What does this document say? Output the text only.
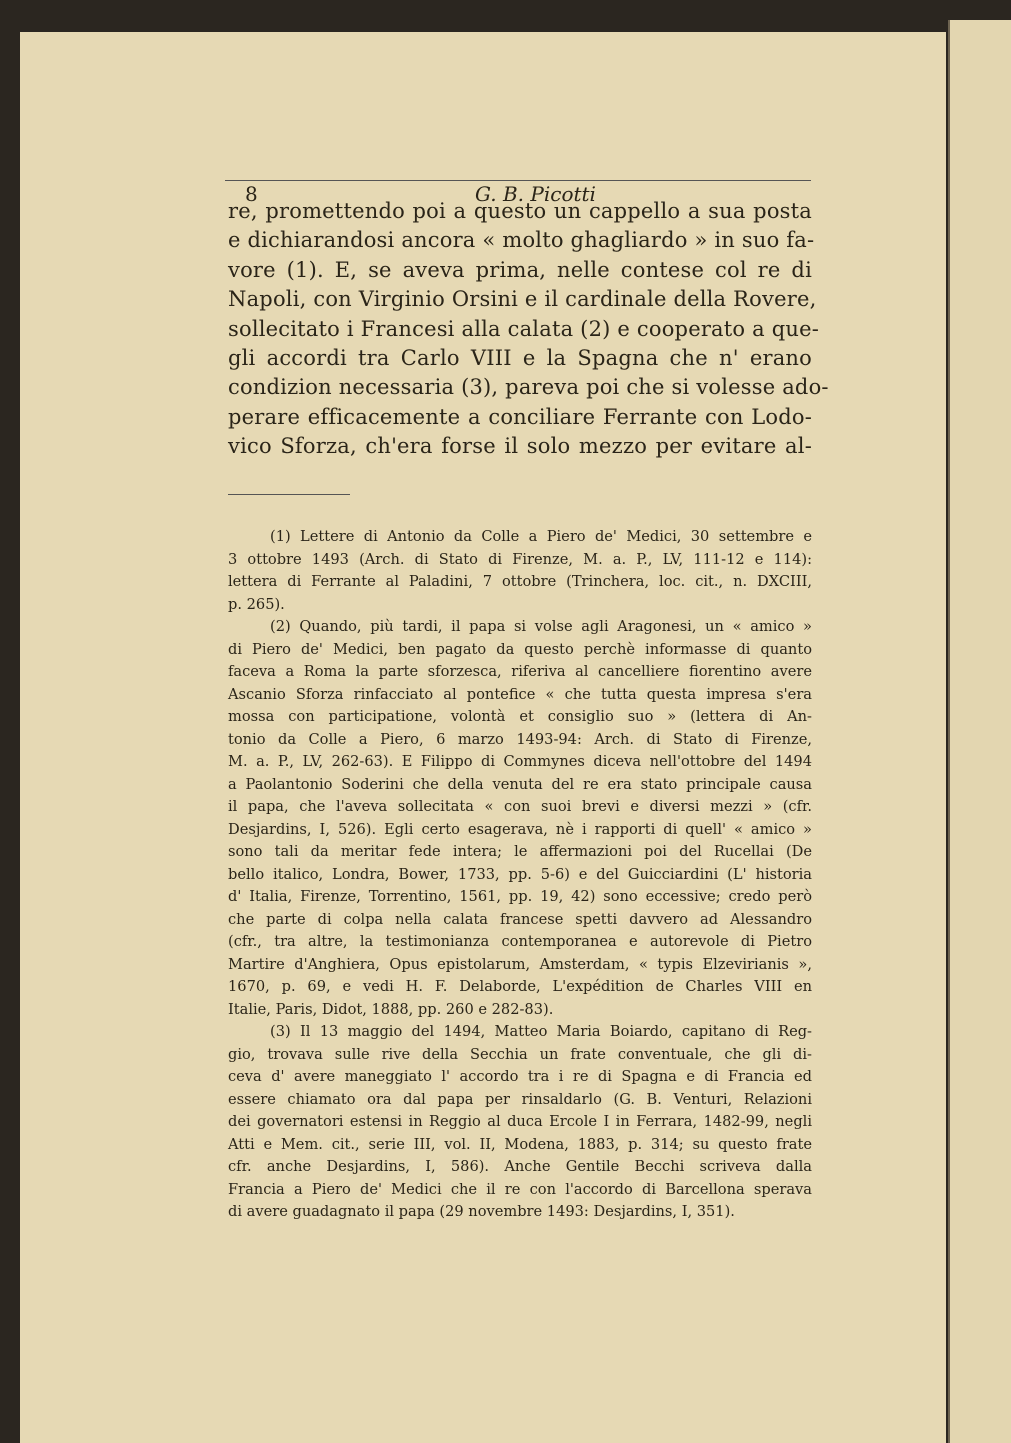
8	G. B. Picotti
re, promettendo poi a questo un cappello a sua posta
e dichiarandosi ancora « molto ghagliardo » in suo fa-
vore (1). E, se aveva prima, nelle contese col re di
Napoli, con Virginio Orsini e il cardinale della Rovere,
sollecitato i Francesi alla calata (2) e cooperato a que-
gli accordi tra Carlo VIII e la Spagna che n' erano
condizion necessaria (3), pareva poi che si volesse ado-
perare efficacemente a conciliare Ferrante con Lodo-
vico Sforza, ch'era forse il solo mezzo per evitare al-
(1) Lettere di Antonio da Colle a Piero de' Medici, 30 settembre e
3 ottobre 1493 (Arch. di Stato di Firenze, M. a. P., LV, 111-12 e 114):
lettera di Ferrante al Paladini, 7 ottobre (Trinchera, loc. cit., n. DXCIII,
p. 265).
(2) Quando, più tardi, il papa si volse agli Aragonesi, un « amico »
di Piero de' Medici, ben pagato da questo perchè informasse di quanto
faceva a Roma la parte sforzesca, riferiva al cancelliere fiorentino avere
Ascanio Sforza rinfacciato al pontefice « che tutta questa impresa s'era
mossa con participatione, volontà et consiglio suo » (lettera di An-
tonio da Colle a Piero, 6 marzo 1493-94: Arch. di Stato di Firenze,
M. a. P., LV, 262-63). E Filippo di Commynes diceva nell'ottobre del 1494
a Paolantonio Soderini che della venuta del re era stato principale causa
il papa, che l'aveva sollecitata « con suoi brevi e diversi mezzi » (cfr.
Desjardins, I, 526). Egli certo esagerava, nè i rapporti di quell' « amico »
sono tali da meritar fede intera; le affermazioni poi del Rucellai (De
bello italico, Londra, Bower, 1733, pp. 5-6) e del Guicciardini (L' historia
d' Italia, Firenze, Torrentino, 1561, pp. 19, 42) sono eccessive; credo però
che parte di colpa nella calata francese spetti davvero ad Alessandro
(cfr., tra altre, la testimonianza contemporanea e autorevole di Pietro
Martire d'Anghiera, Opus epistolarum, Amsterdam, « typis Elzevirianis »,
1670, p. 69, e vedi H. F. Delaborde, L'expédition de Charles VIII en
Italie, Paris, Didot, 1888, pp. 260 e 282-83).
(3) Il 13 maggio del 1494, Matteo Maria Boiardo, capitano di Reg-
gio, trovava sulle rive della Secchia un frate conventuale, che gli di-
ceva d' avere maneggiato l' accordo tra i re di Spagna e di Francia ed
essere chiamato ora dal papa per rinsaldarlo (G. B. Venturi, Relazioni
dei governatori estensi in Reggio al duca Ercole I in Ferrara, 1482-99, negli
Atti e Mem. cit., serie III, vol. II, Modena, 1883, p. 314; su questo frate
cfr. anche Desjardins, I, 586). Anche Gentile Becchi scriveva dalla
Francia a Piero de' Medici che il re con l'accordo di Barcellona sperava
di avere guadagnato il papa (29 novembre 1493: Desjardins, I, 351).
